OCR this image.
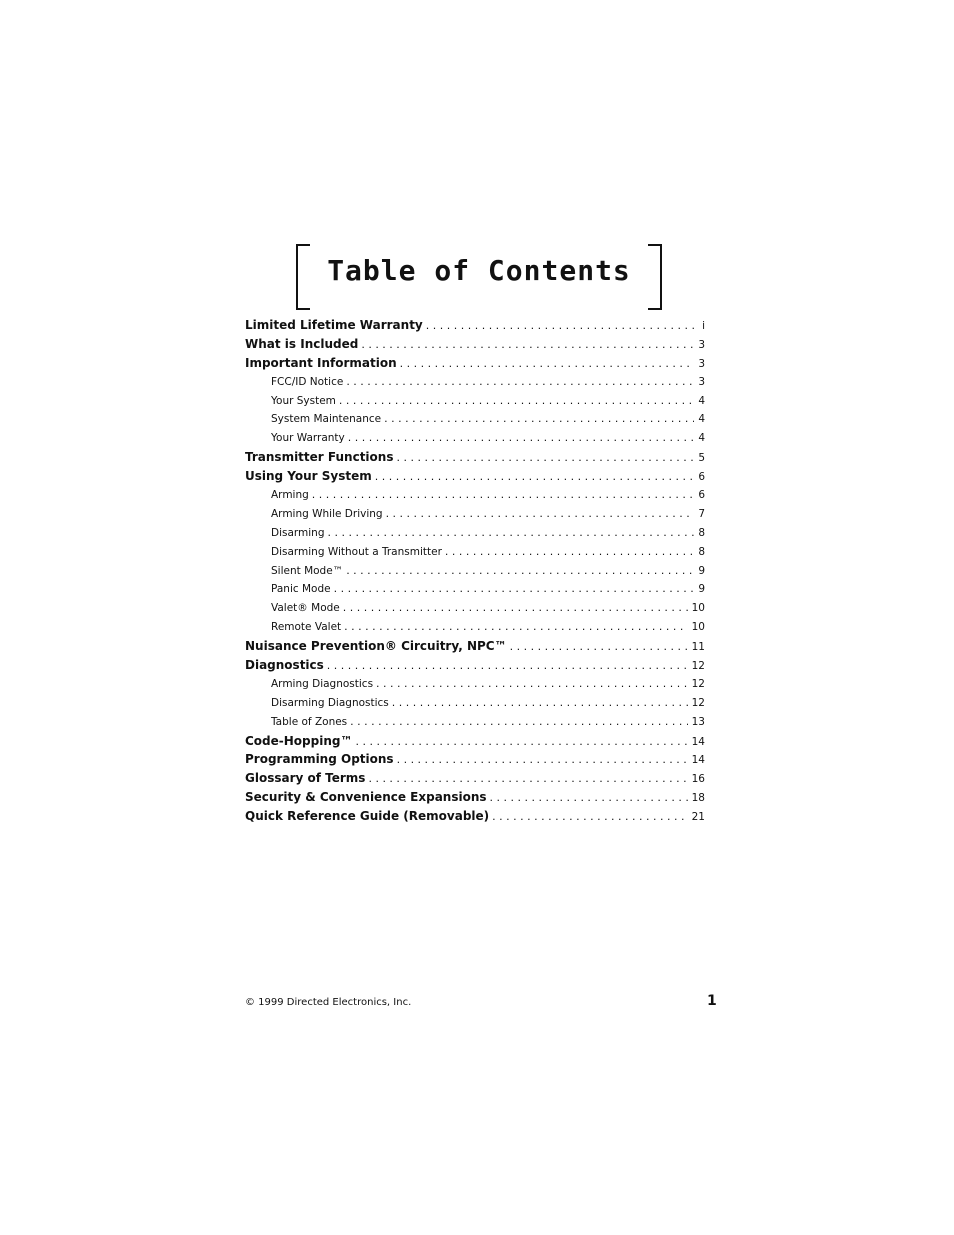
Table of Contents
Limited Lifetime Warranty . . .	i
What is Included . . .	3
Important Information . . .	3
FCC/ID Notice . . .	3
Your System . . .	4
System Maintenance . . .	4
Your Warranty . . .	4
Transmitter Functions . . .	5
Using Your System . . .	6
Arming . . .	6
Arming While Driving . . .	7
Disarming . . .	8
Disarming Without a Transmitter . . .	8
Silent Mode™ . . .	9
Panic Mode . . .	9
Valet® Mode . . .	10
Remote Valet . . .	10
Nuisance Prevention® Circuitry, NPC™ . . .	11
Diagnostics . . .	12
Arming Diagnostics . . .	12
Disarming Diagnostics . . .	12
Table of Zones . . .	13
Code-Hopping™ . . .	14
Programming Options . . .	14
Glossary of Terms . . .	16
Security & Convenience Expansions . . .	18
Quick Reference Guide (Removable) . . .	21
© 1999 Directed Electronics, Inc.	1
